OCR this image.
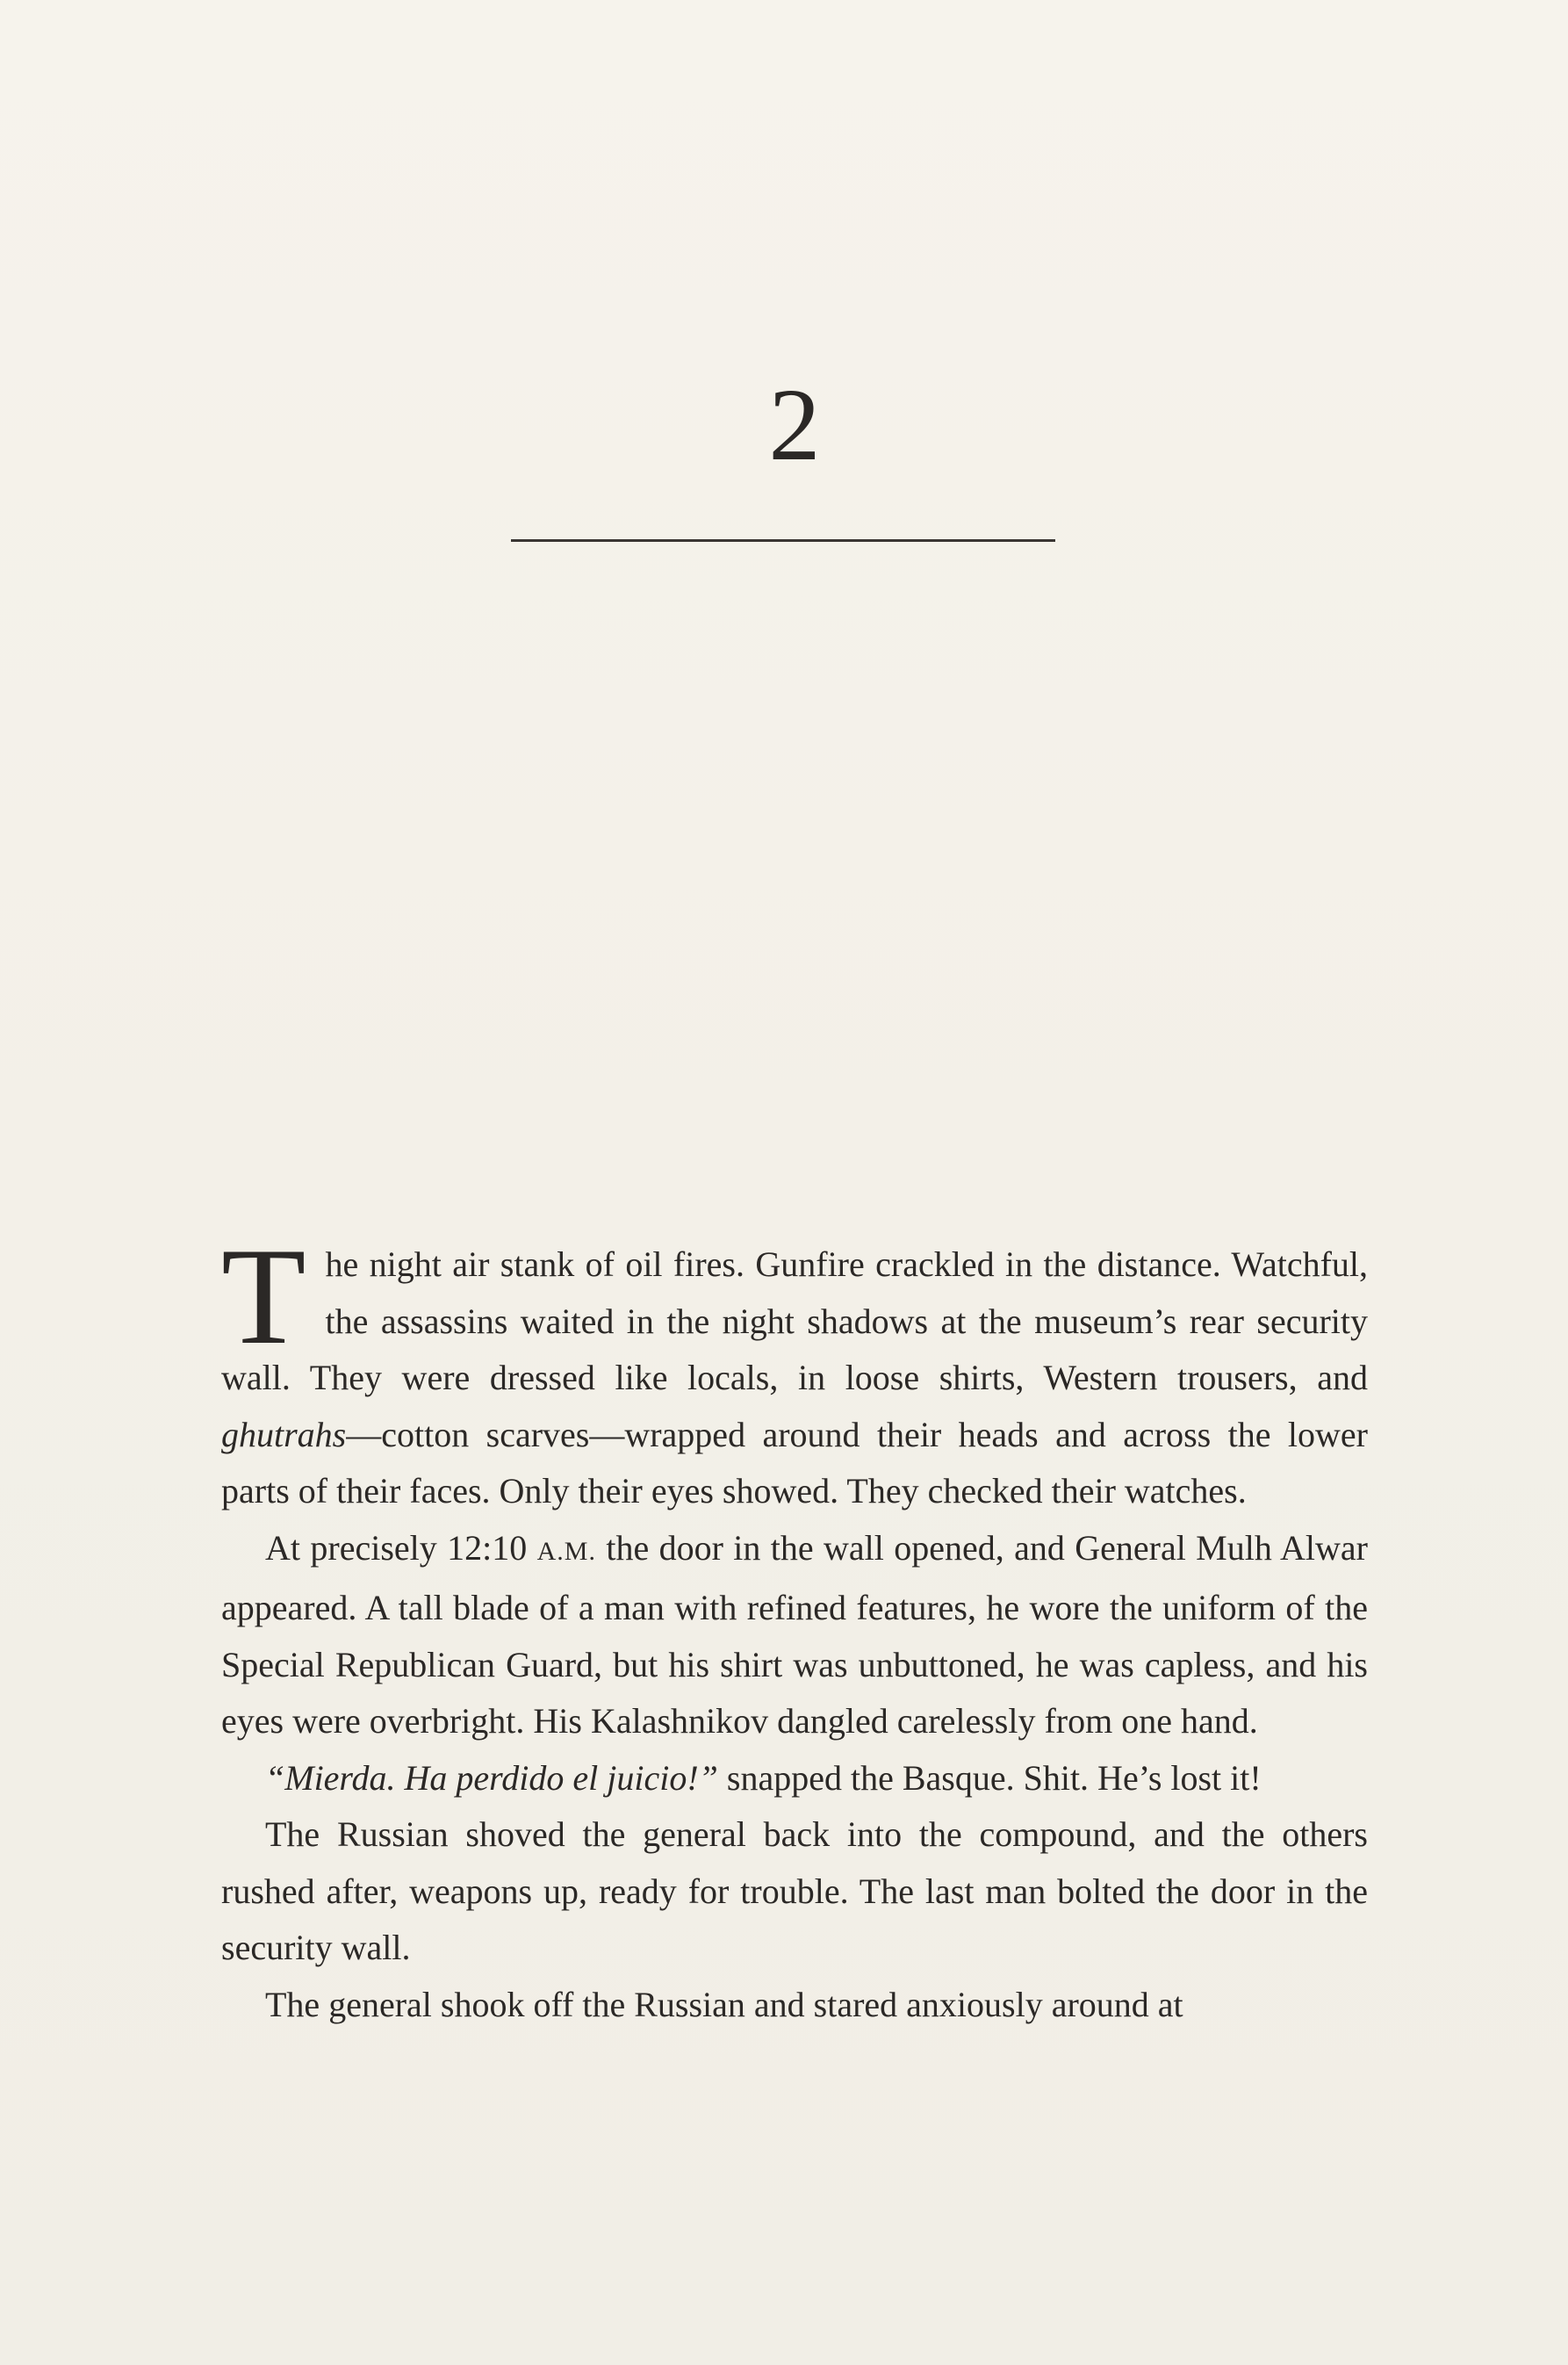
2

The night air stank of oil fires. Gunfire crackled in the distance. Watchful, the assassins waited in the night shadows at the museum’s rear security wall. They were dressed like locals, in loose shirts, Western trousers, and ghutrahs—cotton scarves—wrapped around their heads and across the lower parts of their faces. Only their eyes showed. They checked their watches.

At precisely 12:10 A.M. the door in the wall opened, and General Mulh Alwar appeared. A tall blade of a man with refined features, he wore the uniform of the Special Republican Guard, but his shirt was unbuttoned, he was capless, and his eyes were overbright. His Kalashnikov dangled carelessly from one hand.

“Mierda. Ha perdido el juicio!” snapped the Basque. Shit. He’s lost it!

The Russian shoved the general back into the compound, and the others rushed after, weapons up, ready for trouble. The last man bolted the door in the security wall.

The general shook off the Russian and stared anxiously around at
